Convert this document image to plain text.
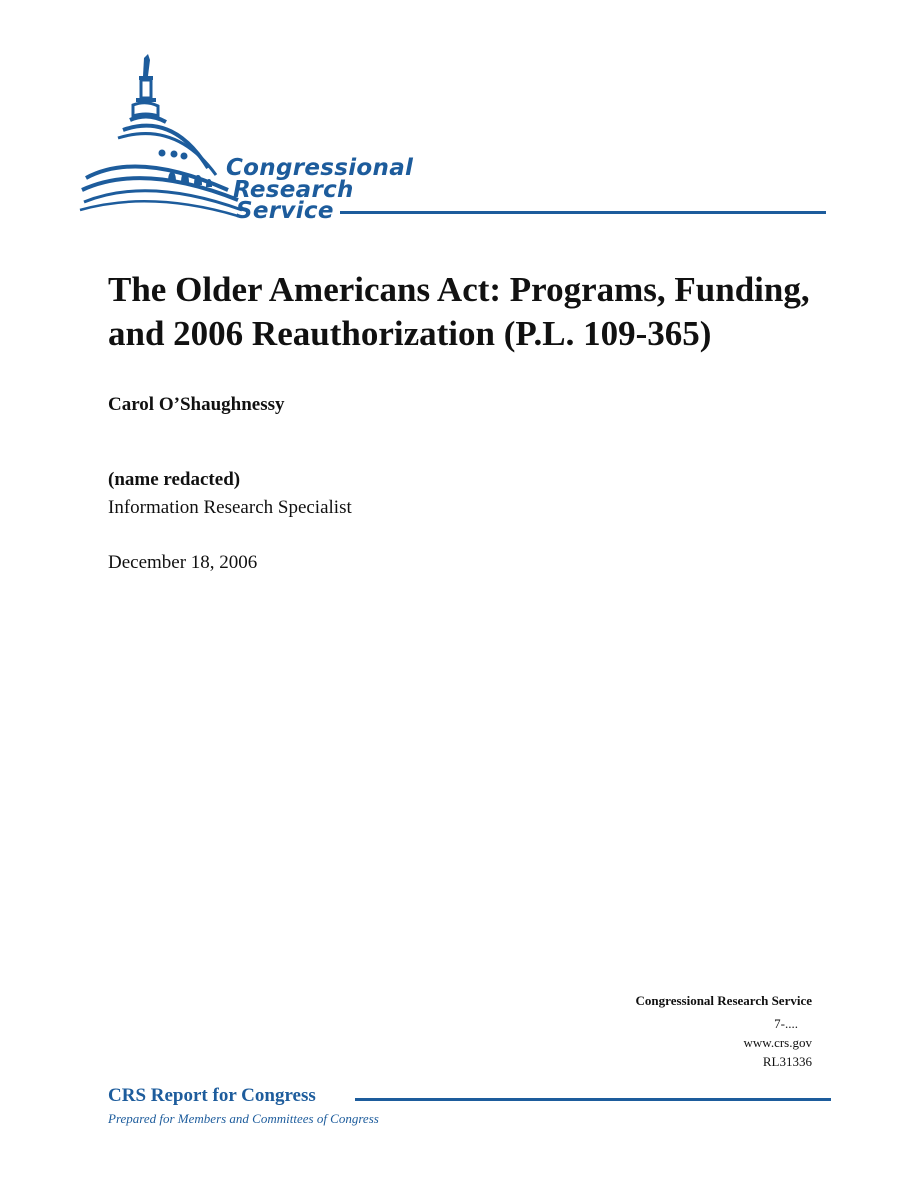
Congressional
Research
Service
The Older Americans Act: Programs, Funding, and 2006 Reauthorization (P.L. 109-365)
Carol O’Shaughnessy
(name redacted)
Information Research Specialist
December 18, 2006
Congressional Research Service
7-....
www.crs.gov
RL31336
CRS Report for Congress
Prepared for Members and Committees of Congress
